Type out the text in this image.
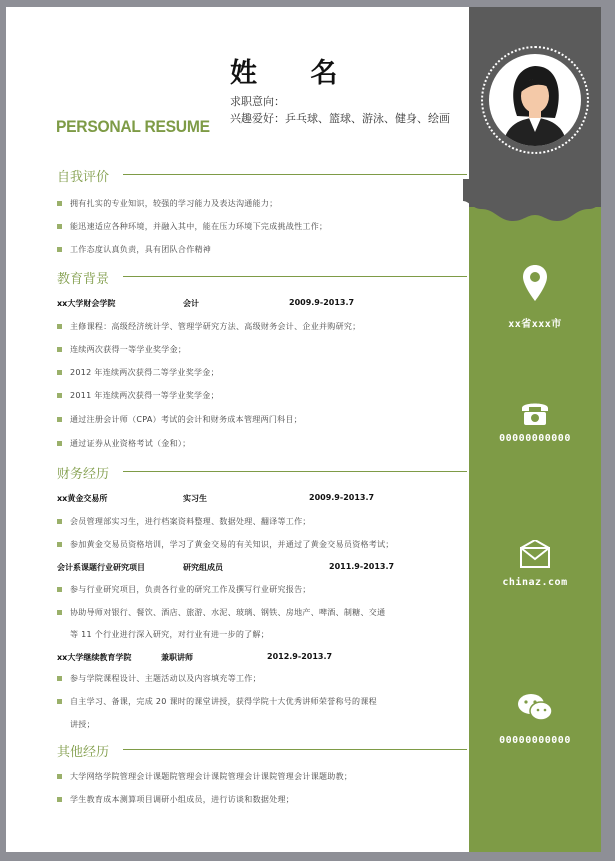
xx省xxx市
00000000000
chinaz.com
00000000000
姓 名
求职意向：
兴趣爱好：乒乓球、篮球、游泳、健身、绘画
PERSONAL RESUME
自我评价
拥有扎实的专业知识，较强的学习能力及表达沟通能力；
能迅速适应各种环境，并融入其中，能在压力环境下完成挑战性工作；
工作态度认真负责，具有团队合作精神
教育背景
xx大学财会学院	会计	2009.9-2013.7
主修课程：高级经济统计学、管理学研究方法、高级财务会计、企业并购研究；
连续两次获得一等学业奖学金；
2012 年连续两次获得二等学业奖学金；
2011 年连续两次获得一等学业奖学金；
通过注册会计师（CPA）考试的会计和财务成本管理两门科目；
通过证券从业资格考试（金和）；
财务经历
xx黄金交易所	实习生	2009.9-2013.7
会员管理部实习生，进行档案资料整理、数据处理、翻译等工作；
参加黄金交易员资格培训，学习了黄金交易的有关知识，并通过了黄金交易员资格考试；
会计系课题行业研究项目	研究组成员	2011.9-2013.7
参与行业研究项目，负责各行业的研究工作及撰写行业研究报告；
协助导师对银行、餐饮、酒店、旅游、水泥、玻璃、钢铁、房地产、啤酒、制糖、交通
等 11 个行业进行深入研究，对行业有进一步的了解；
xx大学继续教育学院	兼职讲师	2012.9-2013.7
参与学院课程设计、主题活动以及内容填充等工作；
自主学习、备课，完成 20 课时的课堂讲授，获得学院十大优秀讲师荣誉称号的课程
讲授；
其他经历
大学网络学院管理会计课题院管理会计课院管理会计课院管理会计课题助教；
学生教育成本测算项目调研小组成员，进行访谈和数据处理；
